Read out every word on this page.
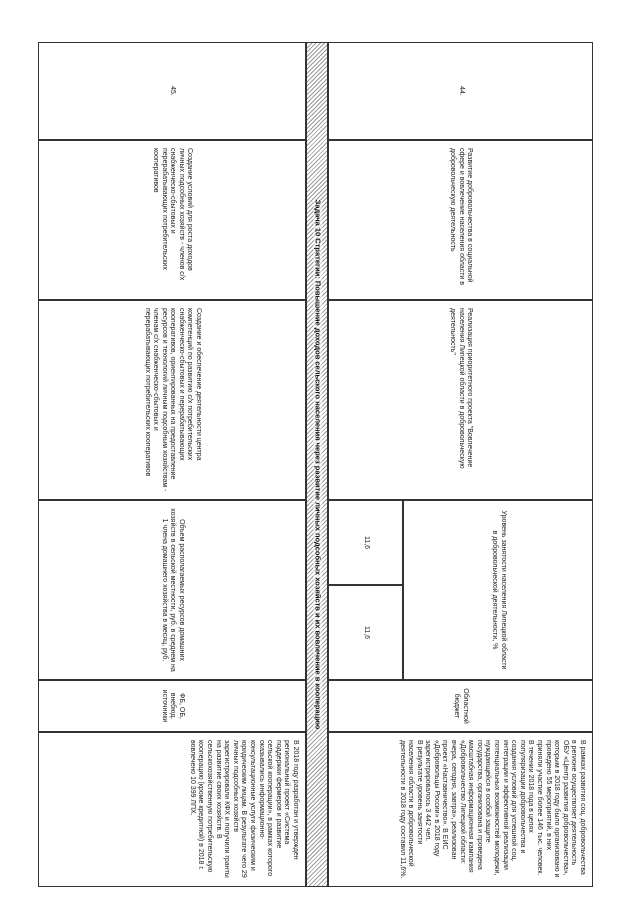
44.

Развитие добровольчества в социальной сфере и вовлечение населения области в добровольческую деятельность

Реализация приоритетного проекта "Вовлечение населения Липецкой области в добровольческую деятельность"

Уровень занятости населения Липецкой области в добровольческой деятельности, %

11,6
11,6

Областной бюджет

В рамках развития соц. добровольчества в регионе осуществляет деятельность ОБУ «Центр развития добровольчества», которым в 2018 году было организовано и проведено 55 мероприятий, в них приняли участие более 146 тыс. человек.
В течении 2018 года в целях популяризации добровольчества и создания условий для успешной соц. интеграции и эффективной реализации потенциальных возможностей молодежи, нуждающейся в особой защите государства, организована и проведена масштабная информационная кампания «Добровольчество Липецкой области: вчера, сегодня, завтра», реализован проект «Наставничество». В ЕИС «Добровольцы России» в 2018 году зарегистрировалось 3 442 чел.
В результате уровень занятости населения области в добровольческой деятельности в 2018 году составил 11,6%.

Задача 10 Стратегии: Повышение доходов сельского населения через развитие личных подсобных хозяйств и их вовлечение в кооперацию
45.

Создание условий для роста доходов личных подсобных хозяйств - членов с/х снабженческо-сбытовых и перерабатывающих потребительских кооперативов

Создание и обеспечение деятельности центра компетенций по развитию с/х потребительских снабженческо-сбытовых и перерабатывающих кооперативов, ориентированных на предоставление ресурсов и технологий личным подсобным хозяйствам - членам с/х снабженческо-сбытовых и перерабатывающих потребительских кооперативов

Объем располагаемых ресурсов домашних хозяйств в сельской местности, руб. в среднем на 1 члена домашнего хозяйства в месяц, руб.

ФБ, ОБ, внебюд. источники

В 2018 году разработан и утвержден региональный проект «Система поддержки фермеров и развитие сельской кооперации», в рамках которого оказывались информационно-консультационные услуги физическим и юридическим лицам. В результате чего 29 личных подсобных хозяйств зарегистрировали КФХ и получили гранты на развитие своих хозяйств. В сельскохозяйственную потребительскую кооперацию (кроме кредитной) в 2018 г. вовлечено 10 399 ЛПХ.
